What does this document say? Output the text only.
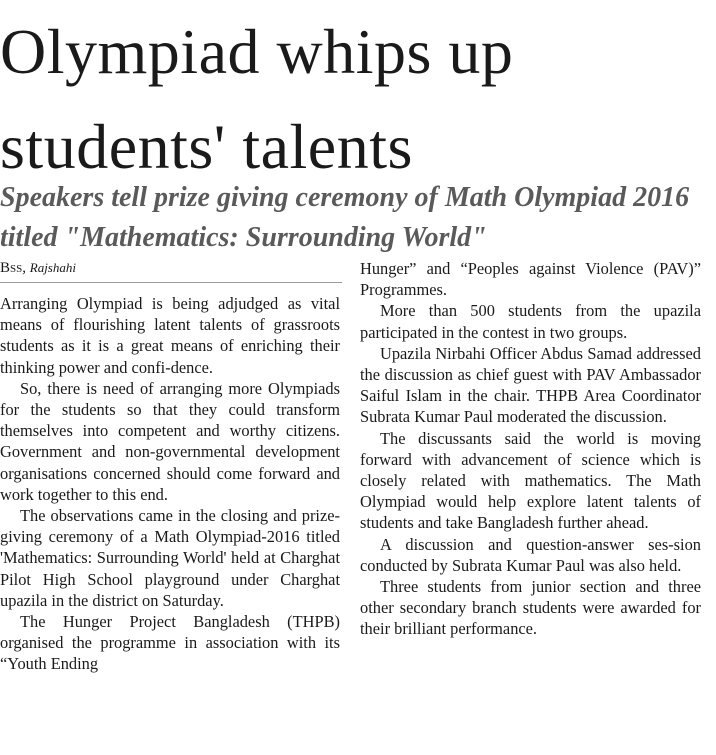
Olympiad whips up students' talents
Speakers tell prize giving ceremony of Math Olympiad 2016 titled "Mathematics: Surrounding World"
Bss, Rajshahi

Arranging Olympiad is being adjudged as vital means of flourishing latent talents of grassroots students as it is a great means of enriching their thinking power and confi-dence.

So, there is need of arranging more Olympiads for the students so that they could transform themselves into competent and worthy citizens. Government and non-governmental development organisations concerned should come forward and work together to this end.

The observations came in the closing and prize-giving ceremony of a Math Olympiad-2016 titled 'Mathematics: Surrounding World' held at Charghat Pilot High School playground under Charghat upazila in the district on Saturday.

The Hunger Project Bangladesh (THPB) organised the programme in association with its “Youth Ending

Hunger” and “Peoples against Violence (PAV)” Programmes.

More than 500 students from the upazila participated in the contest in two groups.

Upazila Nirbahi Officer Abdus Samad addressed the discussion as chief guest with PAV Ambassador Saiful Islam in the chair. THPB Area Coordinator Subrata Kumar Paul moderated the discussion.

The discussants said the world is moving forward with advancement of science which is closely related with mathematics. The Math Olympiad would help explore latent talents of students and take Bangladesh further ahead.

A discussion and question-answer ses-sion conducted by Subrata Kumar Paul was also held.

Three students from junior section and three other secondary branch students were awarded for their brilliant performance.
